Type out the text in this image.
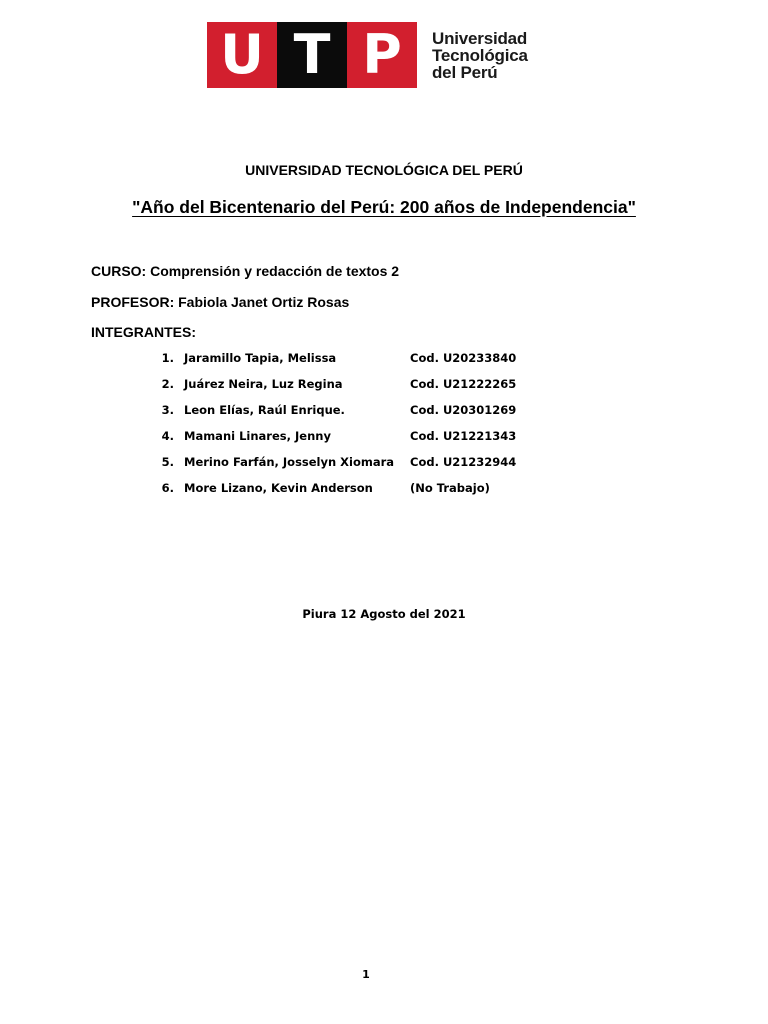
U T P	Universidad
Tecnológica
del Perú
UNIVERSIDAD TECNOLÓGICA DEL PERÚ
"Año del Bicentenario del Perú: 200 años de Independencia"
CURSO: Comprensión y redacción de textos 2
PROFESOR: Fabiola Janet Ortiz Rosas
INTEGRANTES:
1. Jaramillo Tapia, Melissa	Cod. U20233840
2. Juárez Neira, Luz Regina	Cod. U21222265
3. Leon Elías, Raúl Enrique.	Cod. U20301269
4. Mamani Linares, Jenny	Cod. U21221343
5. Merino Farfán, Josselyn Xiomara Cod. U21232944
6. More Lizano, Kevin Anderson	(No Trabajo)
Piura 12 Agosto del 2021
1
